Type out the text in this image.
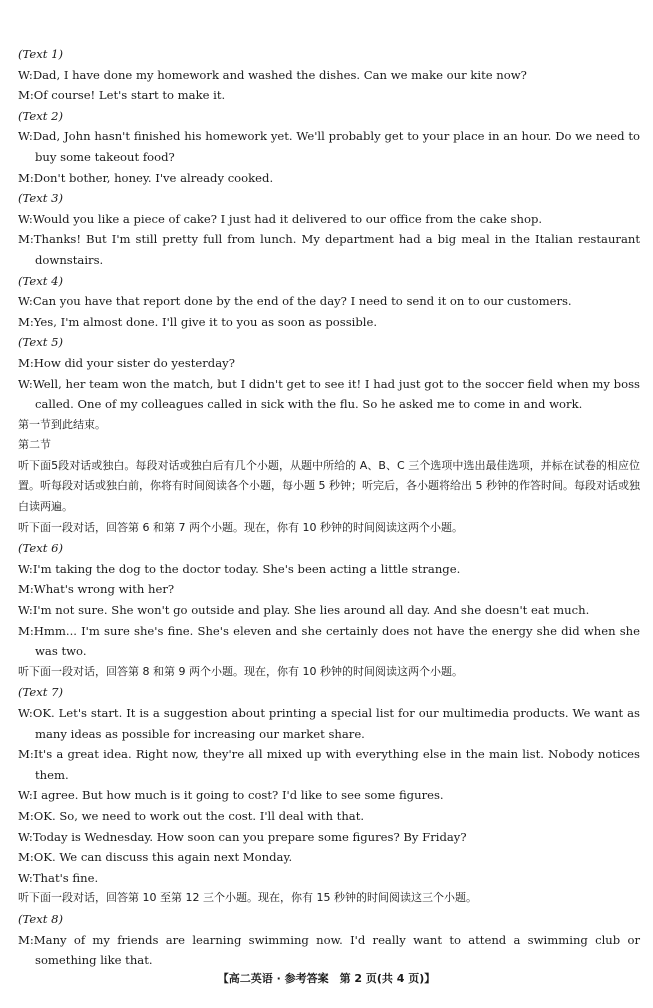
(Text 1)
W:Dad, I have done my homework and washed the dishes. Can we make our kite now?
M:Of course! Let's start to make it.
(Text 2)
W:Dad, John hasn't finished his homework yet. We'll probably get to your place in an hour. Do we need to buy some takeout food?
M:Don't bother, honey. I've already cooked.
(Text 3)
W:Would you like a piece of cake? I just had it delivered to our office from the cake shop.
M:Thanks! But I'm still pretty full from lunch. My department had a big meal in the Italian restaurant downstairs.
(Text 4)
W:Can you have that report done by the end of the day? I need to send it on to our customers.
M:Yes, I'm almost done. I'll give it to you as soon as possible.
(Text 5)
M:How did your sister do yesterday?
W:Well, her team won the match, but I didn't get to see it! I had just got to the soccer field when my boss called. One of my colleagues called in sick with the flu. So he asked me to come in and work.
第一节到此结束。
第二节
听下面5段对话或独白。每段对话或独白后有几个小题，从题中所给的 A、B、C 三个选项中选出最佳选项，并标在试卷的相应位置。听每段对话或独白前，你将有时间阅读各个小题，每小题 5 秒钟；听完后，各小题将给出 5 秒钟的作答时间。每段对话或独白读两遍。
听下面一段对话，回答第 6 和第 7 两个小题。现在，你有 10 秒钟的时间阅读这两个小题。
(Text 6)
W:I'm taking the dog to the doctor today. She's been acting a little strange.
M:What's wrong with her?
W:I'm not sure. She won't go outside and play. She lies around all day. And she doesn't eat much.
M:Hmm... I'm sure she's fine. She's eleven and she certainly does not have the energy she did when she was two.
听下面一段对话，回答第 8 和第 9 两个小题。现在，你有 10 秒钟的时间阅读这两个小题。
(Text 7)
W:OK. Let's start. It is a suggestion about printing a special list for our multimedia products. We want as many ideas as possible for increasing our market share.
M:It's a great idea. Right now, they're all mixed up with everything else in the main list. Nobody notices them.
W:I agree. But how much is it going to cost? I'd like to see some figures.
M:OK. So, we need to work out the cost. I'll deal with that.
W:Today is Wednesday. How soon can you prepare some figures? By Friday?
M:OK. We can discuss this again next Monday.
W:That's fine.
听下面一段对话，回答第 10 至第 12 三个小题。现在，你有 15 秒钟的时间阅读这三个小题。
(Text 8)
M:Many of my friends are learning swimming now. I'd really want to attend a swimming club or something like that.
【高二英语 · 参考答案　第 2 页(共 4 页)】
